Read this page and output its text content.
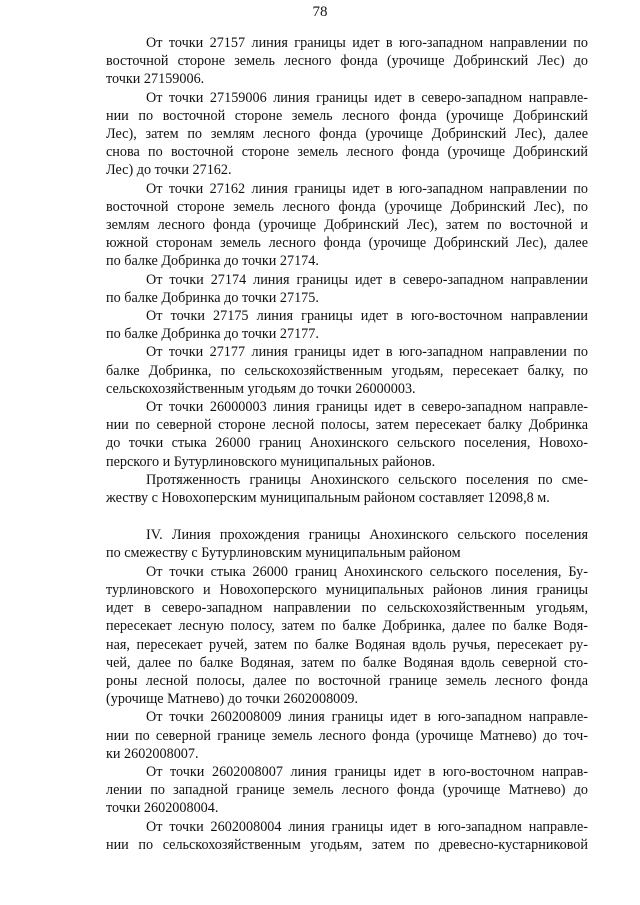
78
От точки 27157 линия границы идет в юго-западном направлении по
восточной стороне земель лесного фонда (урочище Добринский Лес) до
точки 27159006.
От точки 27159006 линия границы идет в северо-западном направле-
нии по восточной стороне земель лесного фонда (урочище Добринский
Лес), затем по землям лесного фонда (урочище Добринский Лес), далее
снова по восточной стороне земель лесного фонда (урочище Добринский
Лес) до точки 27162.
От точки 27162 линия границы идет в юго-западном направлении по
восточной стороне земель лесного фонда (урочище Добринский Лес), по
землям лесного фонда (урочище Добринский Лес), затем по восточной и
южной сторонам земель лесного фонда (урочище Добринский Лес), далее
по балке Добринка до точки 27174.
От точки 27174 линия границы идет в северо-западном направлении
по балке Добринка до точки 27175.
От точки 27175 линия границы идет в юго-восточном направлении
по балке Добринка до точки 27177.
От точки 27177 линия границы идет в юго-западном направлении по
балке Добринка, по сельскохозяйственным угодьям, пересекает балку, по
сельскохозяйственным угодьям до точки 26000003.
От точки 26000003 линия границы идет в северо-западном направле-
нии по северной стороне лесной полосы, затем пересекает балку Добринка
до точки стыка 26000 границ Анохинского сельского поселения, Новохо-
перского и Бутурлиновского муниципальных районов.
Протяженность границы Анохинского сельского поселения по сме-
жеству с Новохоперским муниципальным районом составляет 12098,8 м.
IV. Линия прохождения границы Анохинского сельского поселения
по смежеству с Бутурлиновским муниципальным районом
От точки стыка 26000 границ Анохинского сельского поселения, Бу-
турлиновского и Новохоперского муниципальных районов линия границы
идет в северо-западном направлении по сельскохозяйственным угодьям,
пересекает лесную полосу, затем по балке Добринка, далее по балке Водя-
ная, пересекает ручей, затем по балке Водяная вдоль ручья, пересекает ру-
чей, далее по балке Водяная, затем по балке Водяная вдоль северной сто-
роны лесной полосы, далее по восточной границе земель лесного фонда
(урочище Матнево) до точки 2602008009.
От точки 2602008009 линия границы идет в юго-западном направле-
нии по северной границе земель лесного фонда (урочище Матнево) до точ-
ки 2602008007.
От точки 2602008007 линия границы идет в юго-восточном направ-
лении по западной границе земель лесного фонда (урочище Матнево) до
точки 2602008004.
От точки 2602008004 линия границы идет в юго-западном направле-
нии по сельскохозяйственным угодьям, затем по древесно-кустарниковой
